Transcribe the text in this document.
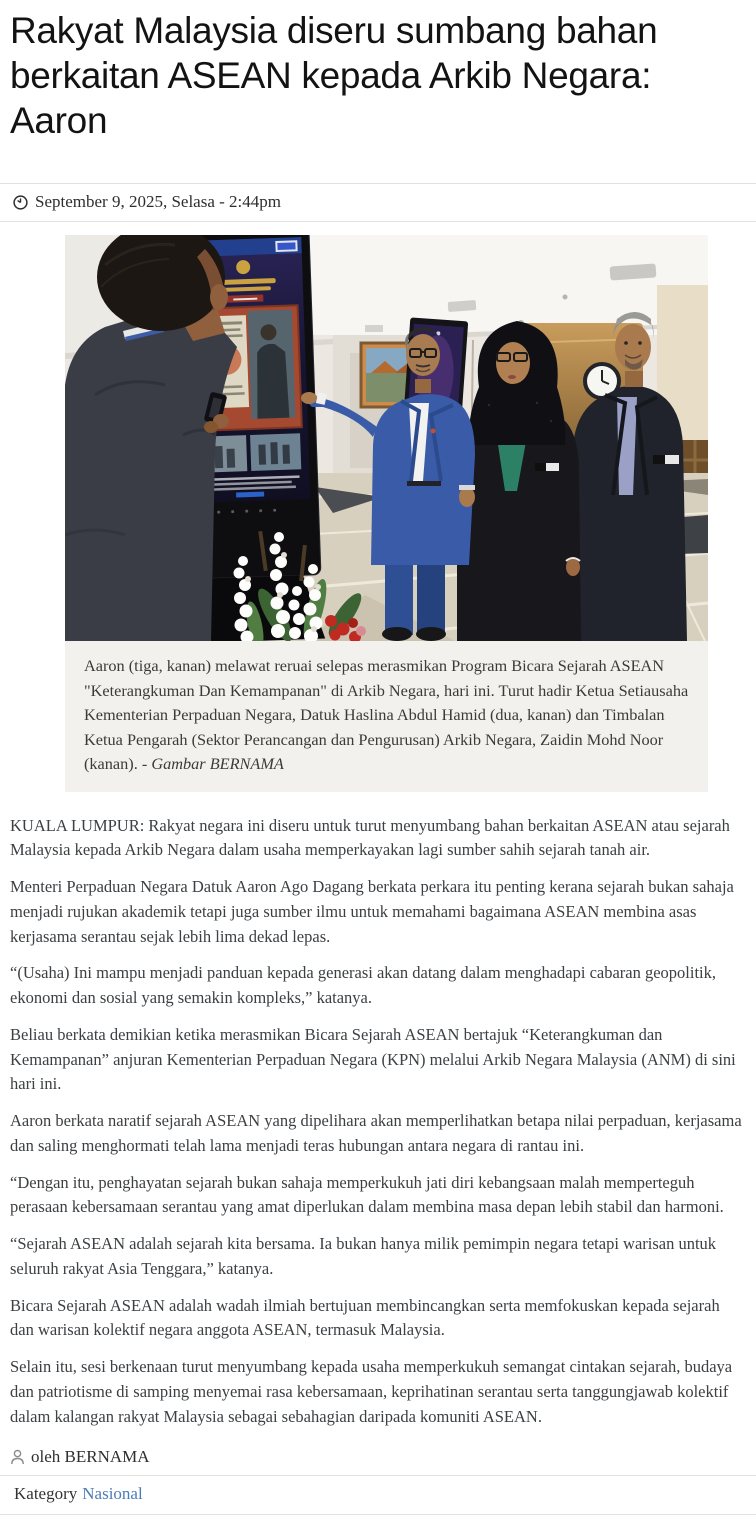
Rakyat Malaysia diseru sumbang bahan berkaitan ASEAN kepada Arkib Negara: Aaron
September 9, 2025, Selasa - 2:44pm
Aaron (tiga, kanan) melawat reruai selepas merasmikan Program Bicara Sejarah ASEAN "Keterangkuman Dan Kemampanan" di Arkib Negara, hari ini. Turut hadir Ketua Setiausaha Kementerian Perpaduan Negara, Datuk Haslina Abdul Hamid (dua, kanan) dan Timbalan Ketua Pengarah (Sektor Perancangan dan Pengurusan) Arkib Negara, Zaidin Mohd Noor (kanan). - Gambar BERNAMA

KUALA LUMPUR: Rakyat negara ini diseru untuk turut menyumbang bahan berkaitan ASEAN atau sejarah Malaysia kepada Arkib Negara dalam usaha memperkayakan lagi sumber sahih sejarah tanah air.

Menteri Perpaduan Negara Datuk Aaron Ago Dagang berkata perkara itu penting kerana sejarah bukan sahaja menjadi rujukan akademik tetapi juga sumber ilmu untuk memahami bagaimana ASEAN membina asas kerjasama serantau sejak lebih lima dekad lepas.

“(Usaha) Ini mampu menjadi panduan kepada generasi akan datang dalam menghadapi cabaran geopolitik, ekonomi dan sosial yang semakin kompleks,” katanya.

Beliau berkata demikian ketika merasmikan Bicara Sejarah ASEAN bertajuk “Keterangkuman dan Kemampanan” anjuran Kementerian Perpaduan Negara (KPN) melalui Arkib Negara Malaysia (ANM) di sini hari ini.

Aaron berkata naratif sejarah ASEAN yang dipelihara akan memperlihatkan betapa nilai perpaduan, kerjasama dan saling menghormati telah lama menjadi teras hubungan antara negara di rantau ini.

“Dengan itu, penghayatan sejarah bukan sahaja memperkukuh jati diri kebangsaan malah memperteguh perasaan kebersamaan serantau yang amat diperlukan dalam membina masa depan lebih stabil dan harmoni.

“Sejarah ASEAN adalah sejarah kita bersama. Ia bukan hanya milik pemimpin negara tetapi warisan untuk seluruh rakyat Asia Tenggara,” katanya.

Bicara Sejarah ASEAN adalah wadah ilmiah bertujuan membincangkan serta memfokuskan kepada sejarah dan warisan kolektif negara anggota ASEAN, termasuk Malaysia.

Selain itu, sesi berkenaan turut menyumbang kepada usaha memperkukuh semangat cintakan sejarah, budaya dan patriotisme di samping menyemai rasa kebersamaan, keprihatinan serantau serta tanggungjawab kolektif dalam kalangan rakyat Malaysia sebagai sebahagian daripada komuniti ASEAN.

oleh BERNAMA
Kategory Nasional
